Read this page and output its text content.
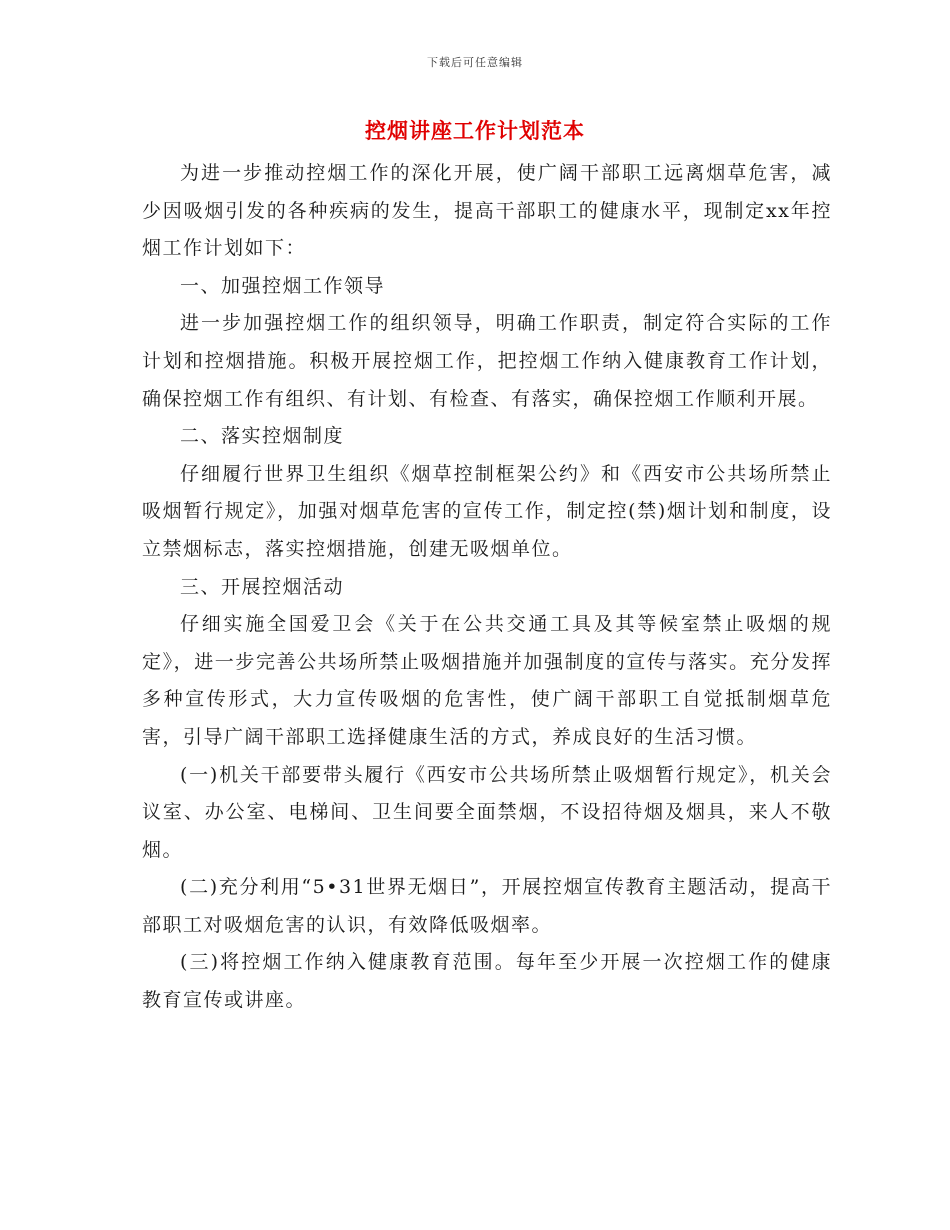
下载后可任意编辑
控烟讲座工作计划范本

为进一步推动控烟工作的深化开展，使广阔干部职工远离烟草危害，减少因吸烟引发的各种疾病的发生，提高干部职工的健康水平，现制定xx年控烟工作计划如下：

一、加强控烟工作领导

进一步加强控烟工作的组织领导，明确工作职责，制定符合实际的工作计划和控烟措施。积极开展控烟工作，把控烟工作纳入健康教育工作计划，确保控烟工作有组织、有计划、有检查、有落实，确保控烟工作顺利开展。

二、落实控烟制度

仔细履行世界卫生组织《烟草控制框架公约》和《西安市公共场所禁止吸烟暂行规定》，加强对烟草危害的宣传工作，制定控(禁)烟计划和制度，设立禁烟标志，落实控烟措施，创建无吸烟单位。

三、开展控烟活动

仔细实施全国爱卫会《关于在公共交通工具及其等候室禁止吸烟的规定》，进一步完善公共场所禁止吸烟措施并加强制度的宣传与落实。充分发挥多种宣传形式，大力宣传吸烟的危害性，使广阔干部职工自觉抵制烟草危害，引导广阔干部职工选择健康生活的方式，养成良好的生活习惯。

(一)机关干部要带头履行《西安市公共场所禁止吸烟暂行规定》，机关会议室、办公室、电梯间、卫生间要全面禁烟，不设招待烟及烟具，来人不敬烟。

(二)充分利用“5•31世界无烟日”，开展控烟宣传教育主题活动，提高干部职工对吸烟危害的认识，有效降低吸烟率。

(三)将控烟工作纳入健康教育范围。每年至少开展一次控烟工作的健康教育宣传或讲座。
